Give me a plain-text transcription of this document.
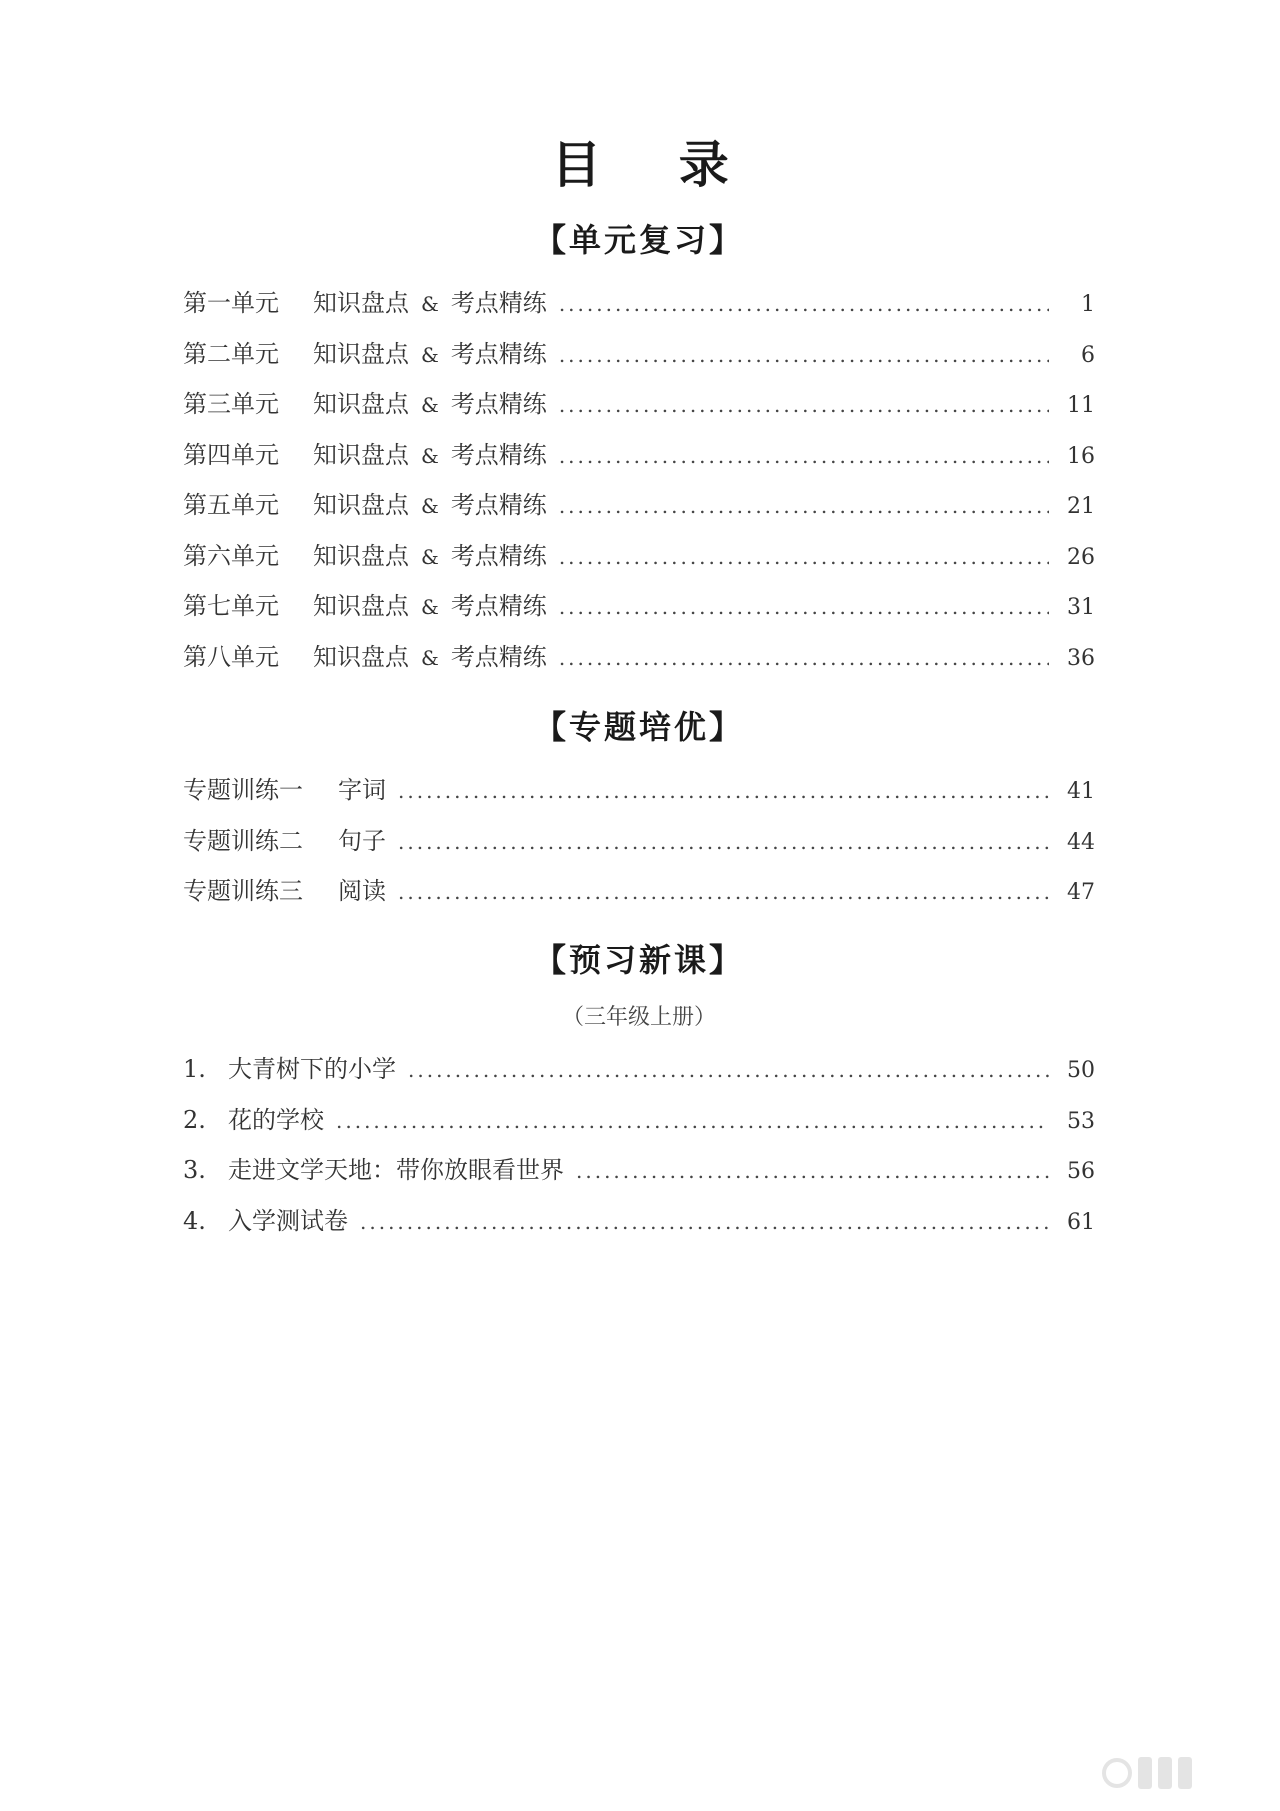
目 录
【单元复习】
第一单元	知识盘点 & 考点精练 .....	1
第二单元	知识盘点 & 考点精练 .....	6
第三单元	知识盘点 & 考点精练 .....	11
第四单元	知识盘点 & 考点精练 .....	16
第五单元	知识盘点 & 考点精练 .....	21
第六单元	知识盘点 & 考点精练 .....	26
第七单元	知识盘点 & 考点精练 .....	31
第八单元	知识盘点 & 考点精练 .....	36
【专题培优】
专题训练一	字词 .....	41
专题训练二	句子 .....	44
专题训练三	阅读 .....	47
【预习新课】
（三年级上册）
1. 大青树下的小学 .....	50
2. 花的学校 .....	53
3. 走进文学天地：带你放眼看世界 .....	56
4. 入学测试卷 .....	61
